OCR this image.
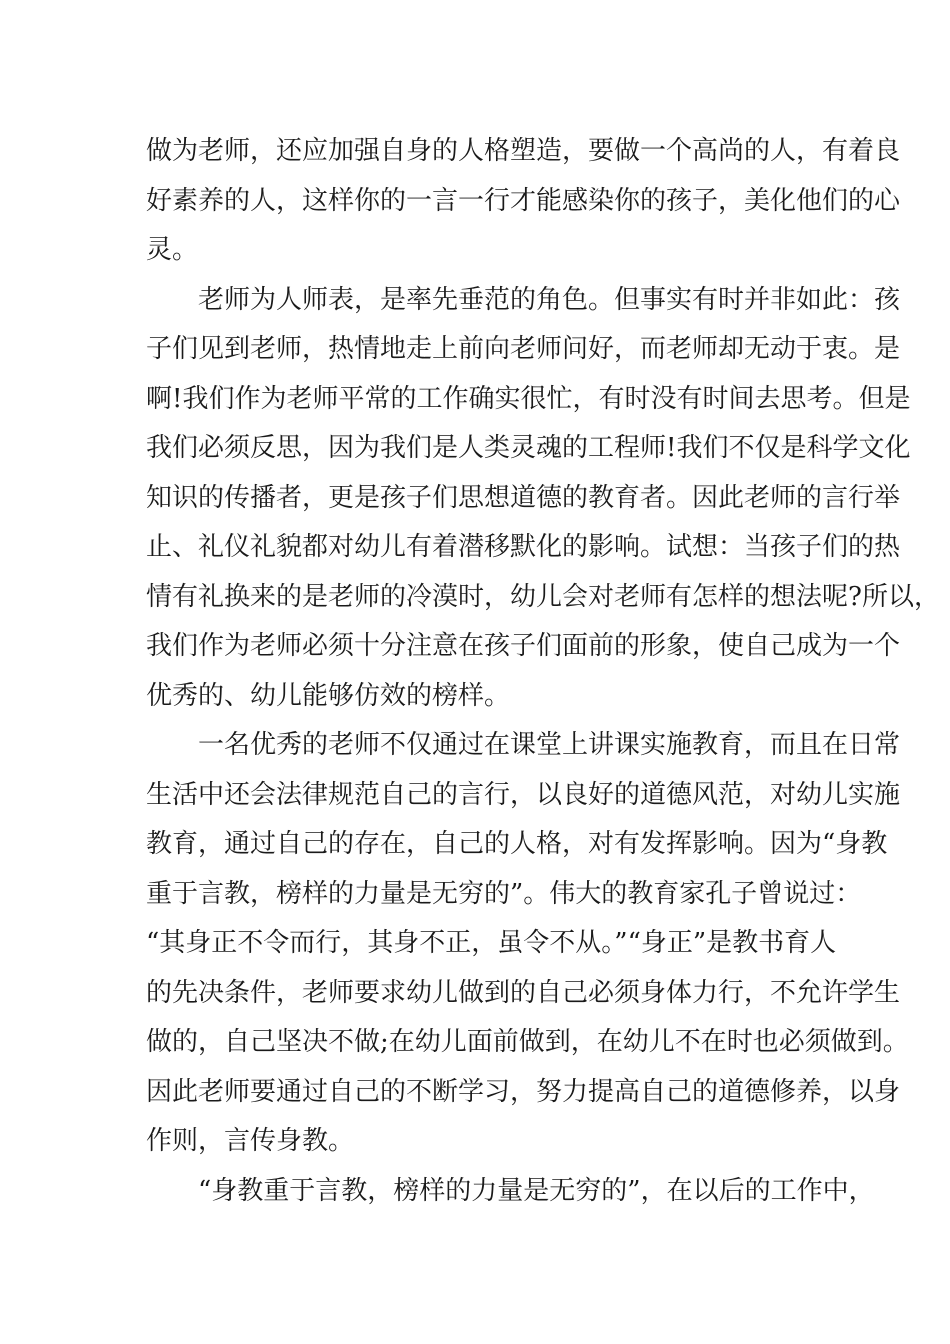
做为老师，还应加强自身的人格塑造，要做一个高尚的人，有着良
好素养的人，这样你的一言一行才能感染你的孩子，美化他们的心
灵。
老师为人师表，是率先垂范的角色。但事实有时并非如此：孩
子们见到老师，热情地走上前向老师问好，而老师却无动于衷。是
啊!我们作为老师平常的工作确实很忙，有时没有时间去思考。但是
我们必须反思，因为我们是人类灵魂的工程师!我们不仅是科学文化
知识的传播者，更是孩子们思想道德的教育者。因此老师的言行举
止、礼仪礼貌都对幼儿有着潜移默化的影响。试想：当孩子们的热
情有礼换来的是老师的冷漠时，幼儿会对老师有怎样的想法呢?所以，
我们作为老师必须十分注意在孩子们面前的形象，使自己成为一个
优秀的、幼儿能够仿效的榜样。
一名优秀的老师不仅通过在课堂上讲课实施教育，而且在日常
生活中还会法律规范自己的言行，以良好的道德风范，对幼儿实施
教育，通过自己的存在，自己的人格，对有发挥影响。因为“身教
重于言教，榜样的力量是无穷的”。伟大的教育家孔子曾说过：
“其身正不令而行，其身不正，虽令不从。”“身正”是教书育人
的先决条件，老师要求幼儿做到的自己必须身体力行，不允许学生
做的，自己坚决不做;在幼儿面前做到，在幼儿不在时也必须做到。
因此老师要通过自己的不断学习，努力提高自己的道德修养，以身
作则，言传身教。
“身教重于言教，榜样的力量是无穷的”，在以后的工作中，
